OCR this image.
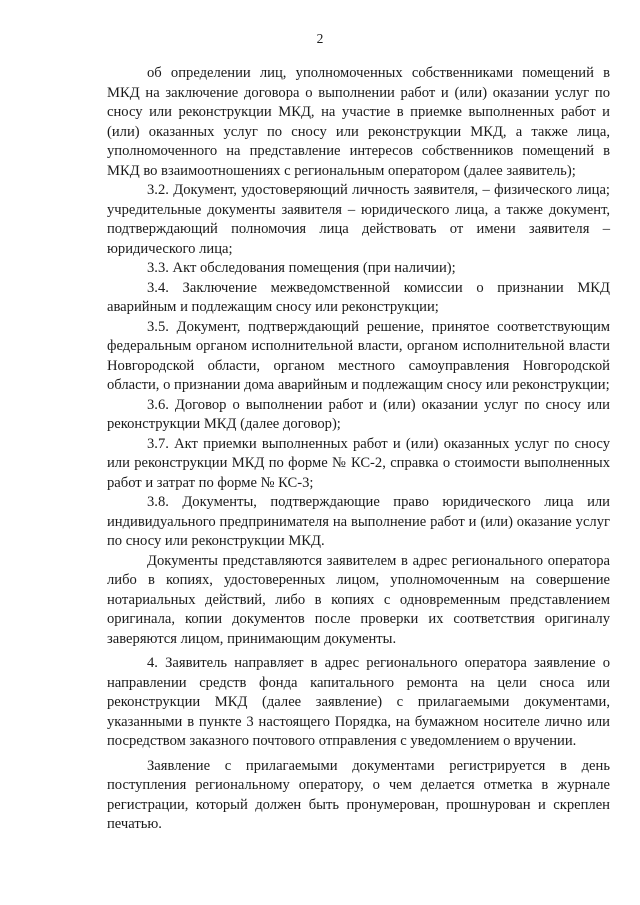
2

об определении лиц, уполномоченных собственниками помещений в МКД на заключение договора о выполнении работ и (или) оказании услуг по сносу или реконструкции МКД, на участие в приемке выполненных работ и (или) оказанных услуг по сносу или реконструкции МКД, а также лица, уполномоченного на представление интересов собственников помещений в МКД во взаимоотношениях с региональным оператором (далее заявитель);

3.2. Документ, удостоверяющий личность заявителя, – физического лица; учредительные документы заявителя – юридического лица, а также документ, подтверждающий полномочия лица действовать от имени заявителя – юридического лица;

3.3. Акт обследования помещения (при наличии);

3.4. Заключение межведомственной комиссии о признании МКД аварийным и подлежащим сносу или реконструкции;

3.5. Документ, подтверждающий решение, принятое соответствующим федеральным органом исполнительной власти, органом исполнительной власти Новгородской области, органом местного самоуправления Новгородской области, о признании дома аварийным и подлежащим сносу или реконструкции;

3.6. Договор о выполнении работ и (или) оказании услуг по сносу или реконструкции МКД (далее договор);

3.7. Акт приемки выполненных работ и (или) оказанных услуг по сносу или реконструкции МКД по форме № КС-2, справка о стоимости выполненных работ и затрат по форме № КС-3;

3.8. Документы, подтверждающие право юридического лица или индивидуального предпринимателя на выполнение работ и (или) оказание услуг по сносу или реконструкции МКД.

Документы представляются заявителем в адрес регионального оператора либо в копиях, удостоверенных лицом, уполномоченным на совершение нотариальных действий, либо в копиях с одновременным представлением оригинала, копии документов после проверки их соответствия оригиналу заверяются лицом, принимающим документы.

4. Заявитель направляет в адрес регионального оператора заявление о направлении средств фонда капитального ремонта на цели сноса или реконструкции МКД (далее заявление) с прилагаемыми документами, указанными в пункте 3 настоящего Порядка, на бумажном носителе лично или посредством заказного почтового отправления с уведомлением о вручении.

Заявление с прилагаемыми документами регистрируется в день поступления региональному оператору, о чем делается отметка в журнале регистрации, который должен быть пронумерован, прошнурован и скреплен печатью.
